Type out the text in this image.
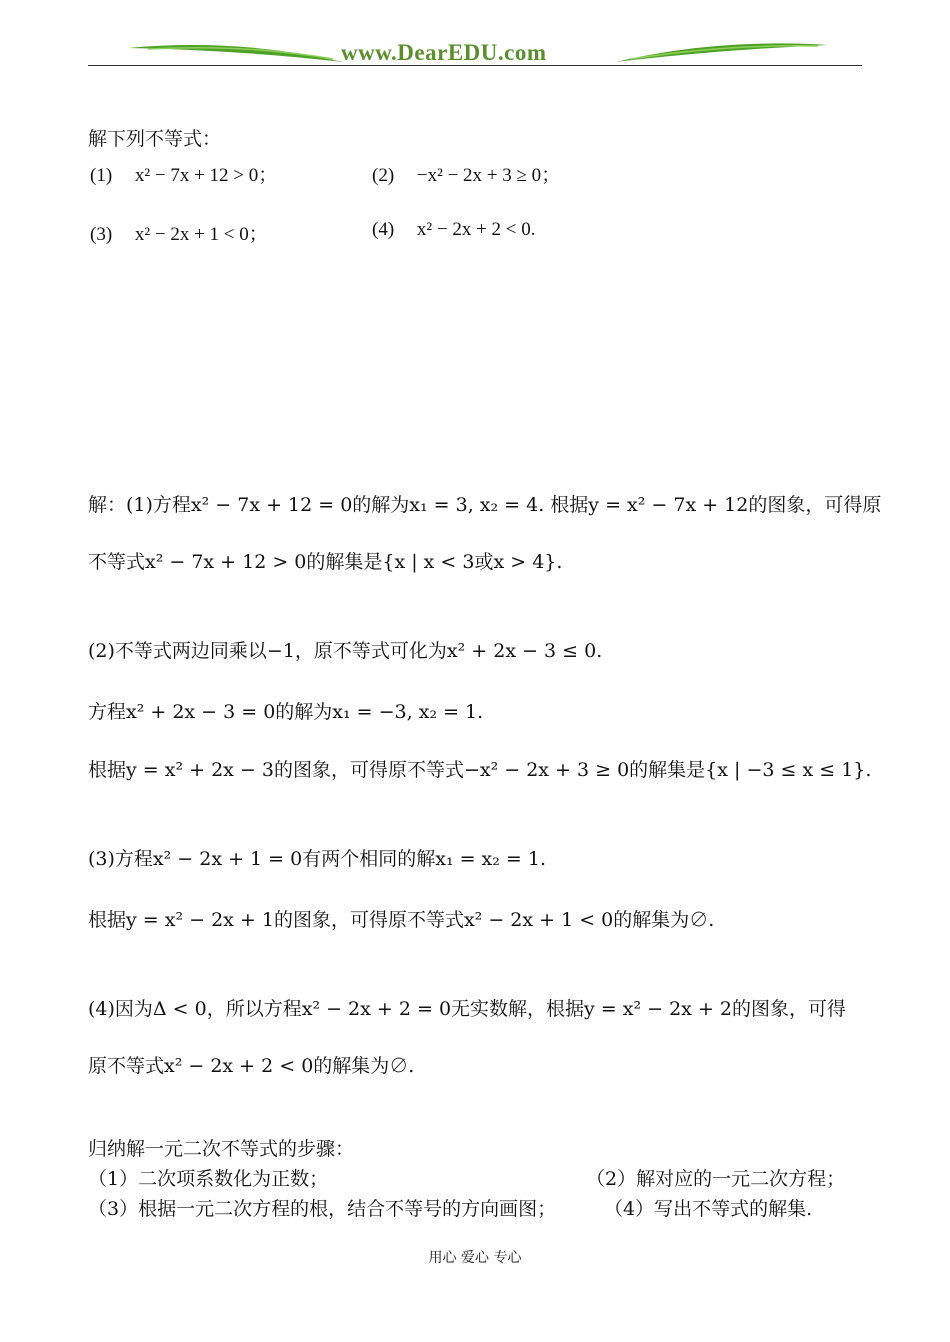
www.DearEDU.com
解下列不等式：
(1) x² − 7x + 12 > 0；	(2) −x² − 2x + 3 ≥ 0；
(3) x² − 2x + 1 < 0；	(4) x² − 2x + 2 < 0.
解：(1)方程x² − 7x + 12 = 0的解为x₁ = 3, x₂ = 4. 根据y = x² − 7x + 12的图象，可得原
不等式x² − 7x + 12 > 0的解集是{x | x < 3或x > 4}.
(2)不等式两边同乘以−1，原不等式可化为x² + 2x − 3 ≤ 0.
方程x² + 2x − 3 = 0的解为x₁ = −3, x₂ = 1.
根据y = x² + 2x − 3的图象，可得原不等式−x² − 2x + 3 ≥ 0的解集是{x | −3 ≤ x ≤ 1}.
(3)方程x² − 2x + 1 = 0有两个相同的解x₁ = x₂ = 1.
根据y = x² − 2x + 1的图象，可得原不等式x² − 2x + 1 < 0的解集为∅.
(4)因为Δ < 0，所以方程x² − 2x + 2 = 0无实数解，根据y = x² − 2x + 2的图象，可得
原不等式x² − 2x + 2 < 0的解集为∅.
归纳解一元二次不等式的步骤：
（1）二次项系数化为正数；	（2）解对应的一元二次方程；
（3）根据一元二次方程的根，结合不等号的方向画图；	（4）写出不等式的解集.
用心 爱心 专心
